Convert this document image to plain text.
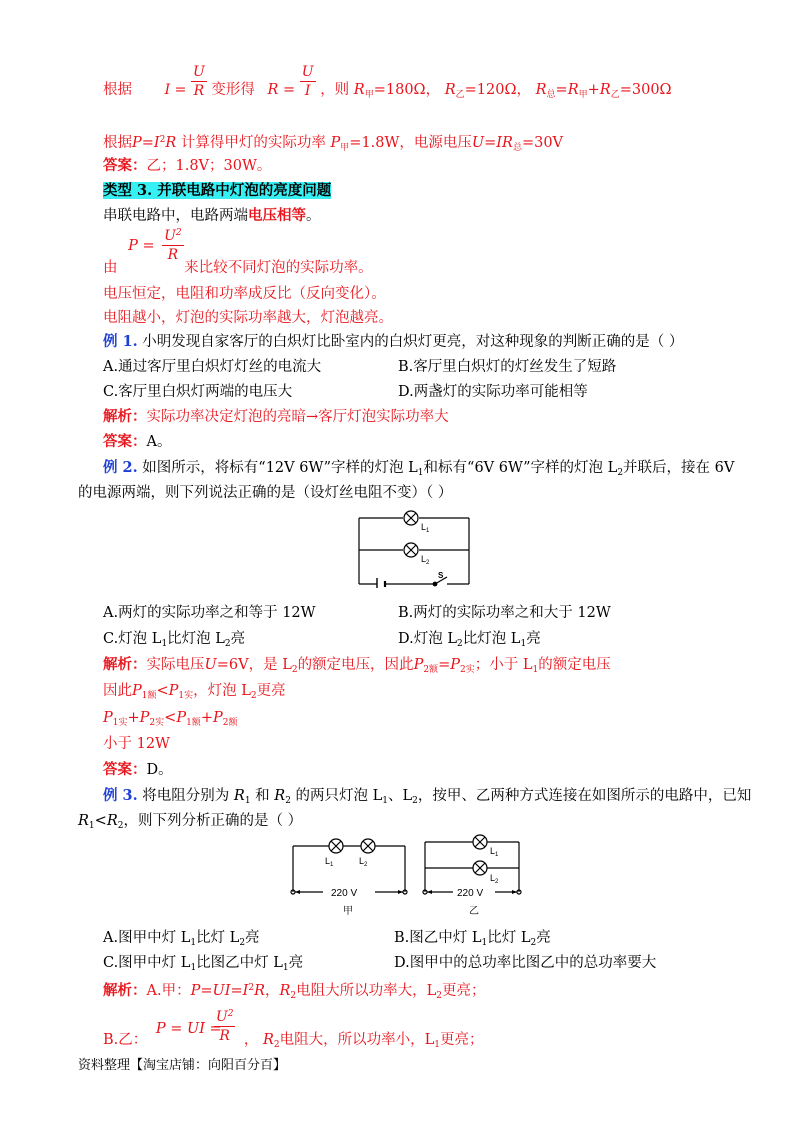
根据 $I = \frac{U}{R}$ 变形得 $R = \frac{U}{I}$ ，则 $R_甲=180\Omega$， $R_乙=120\Omega$， $R_总=R_甲+R_乙=300\Omega$
根据$P=I^2R$ 计算得甲灯的实际功率 $P_甲=1.8W$，电源电压$U=IR_总=30V$
答案：乙；1.8V；30W。
类型 3. 并联电路中灯泡的亮度问题
串联电路中，电路两端电压相等。
由
$P = \frac{U^2}{R}$
来比较不同灯泡的实际功率。
电压恒定，电阻和功率成反比（反向变化）。
电阻越小，灯泡的实际功率越大，灯泡越亮。
例 1. 小明发现自家客厅的白炽灯比卧室内的白炽灯更亮，对这种现象的判断正确的是（ ）
A.通过客厅里白炽灯灯丝的电流大	B.客厅里白炽灯的灯丝发生了短路
C.客厅里白炽灯两端的电压大	D.两盏灯的实际功率可能相等
解析：实际功率决定灯泡的亮暗→客厅灯泡实际功率大
答案：A。
例 2. 如图所示，将标有“12V 6W”字样的灯泡 $L_1$和标有“6V 6W”字样的灯泡 $L_2$并联后，接在 6V
的电源两端，则下列说法正确的是（设灯丝电阻不变）（ ）
$L_1$
$L_2$
S
A.两灯的实际功率之和等于 12W	B.两灯的实际功率之和大于 12W
C.灯泡 $L_1$比灯泡 $L_2$亮	D.灯泡 $L_2$比灯泡 $L_1$亮
解析：实际电压U=6V，是 $L_2$的额定电压，因此$P_{2额}=P_{2实}$；小于 $L_1$的额定电压
因此$P_{1额}<P_{1实}$，灯泡 $L_2$更亮
$P_{1实}+P_{2实}<P_{1额}+P_{2额}$
小于 12W
答案：D。
例 3. 将电阻分别为 $R_1$ 和 $R_2$ 的两只灯泡 $L_1$、$L_2$，按甲、乙两种方式连接在如图所示的电路中，已知
$R_1<R_2$，则下列分析正确的是（ ）
$L_1$	$L_2$
$L_1$
$L_2$
220 V	220 V
甲	乙
A.图甲中灯 $L_1$比灯 $L_2$亮	B.图乙中灯 $L_1$比灯 $L_2$亮
C.图甲中灯 $L_1$比图乙中灯 $L_1$亮	D.图甲中的总功率比图乙中的总功率要大
解析：A.甲：$P=UI=I^2R$，$R_2$电阻大所以功率大，$L_2$更亮；
B.乙：
P = UI =
$\frac{U^2}{R}$ ， $R_2$电阻大，所以功率小，$L_1$更亮；
资料整理【淘宝店铺：向阳百分百】
